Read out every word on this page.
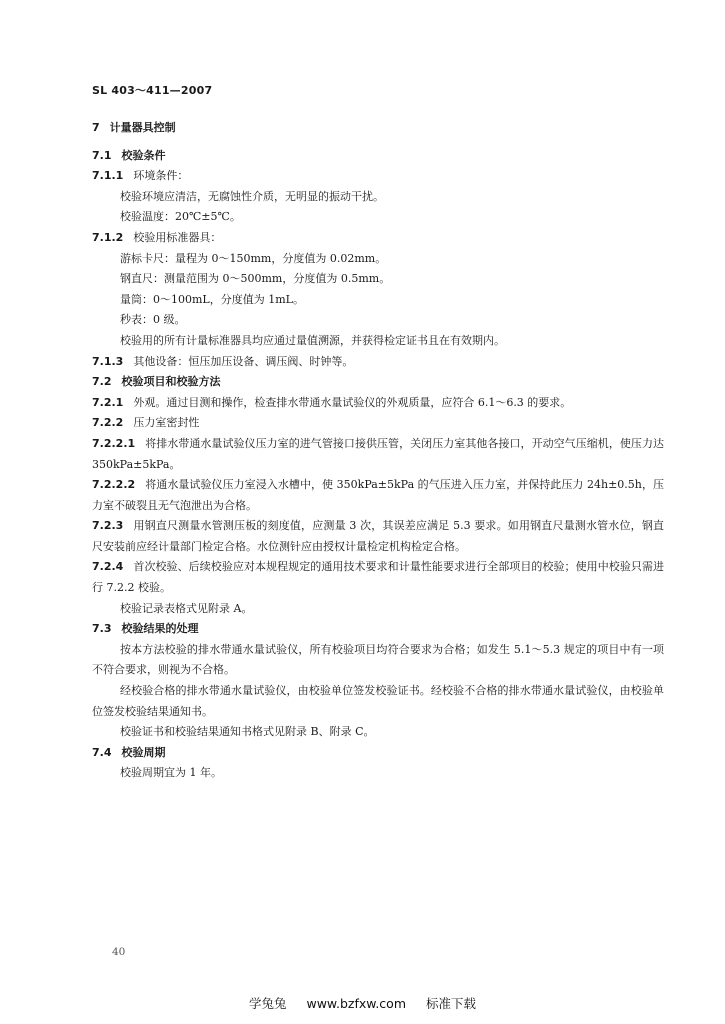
SL 403～411—2007
7 计量器具控制
7.1 校验条件
7.1.1 环境条件：
校验环境应清洁，无腐蚀性介质，无明显的振动干扰。
校验温度：20℃±5℃。
7.1.2 校验用标准器具：
游标卡尺：量程为 0～150mm，分度值为 0.02mm。
钢直尺：测量范围为 0～500mm，分度值为 0.5mm。
量筒：0～100mL，分度值为 1mL。
秒表：0 级。
校验用的所有计量标准器具均应通过量值溯源，并获得检定证书且在有效期内。
7.1.3 其他设备：恒压加压设备、调压阀、时钟等。
7.2 校验项目和校验方法
7.2.1 外观。通过目测和操作，检查排水带通水量试验仪的外观质量，应符合 6.1～6.3 的要求。
7.2.2 压力室密封性
7.2.2.1 将排水带通水量试验仪压力室的进气管接口接供压管，关闭压力室其他各接口，开动空气压缩机，使压力达 350kPa±5kPa。
7.2.2.2 将通水量试验仪压力室浸入水槽中，使 350kPa±5kPa 的气压进入压力室，并保持此压力 24h±0.5h，压力室不破裂且无气泡泄出为合格。
7.2.3 用钢直尺测量水管测压板的刻度值，应测量 3 次，其误差应满足 5.3 要求。如用钢直尺量测水管水位，钢直尺安装前应经计量部门检定合格。水位测针应由授权计量检定机构检定合格。
7.2.4 首次校验、后续校验应对本规程规定的通用技术要求和计量性能要求进行全部项目的校验；使用中校验只需进行 7.2.2 校验。
校验记录表格式见附录 A。
7.3 校验结果的处理
按本方法校验的排水带通水量试验仪，所有校验项目均符合要求为合格；如发生 5.1～5.3 规定的项目中有一项不符合要求，则视为不合格。
经校验合格的排水带通水量试验仪，由校验单位签发校验证书。经校验不合格的排水带通水量试验仪，由校验单位签发校验结果通知书。
校验证书和校验结果通知书格式见附录 B、附录 C。
7.4 校验周期
校验周期宜为 1 年。
40
学兔兔 www.bzfxw.com 标准下载
